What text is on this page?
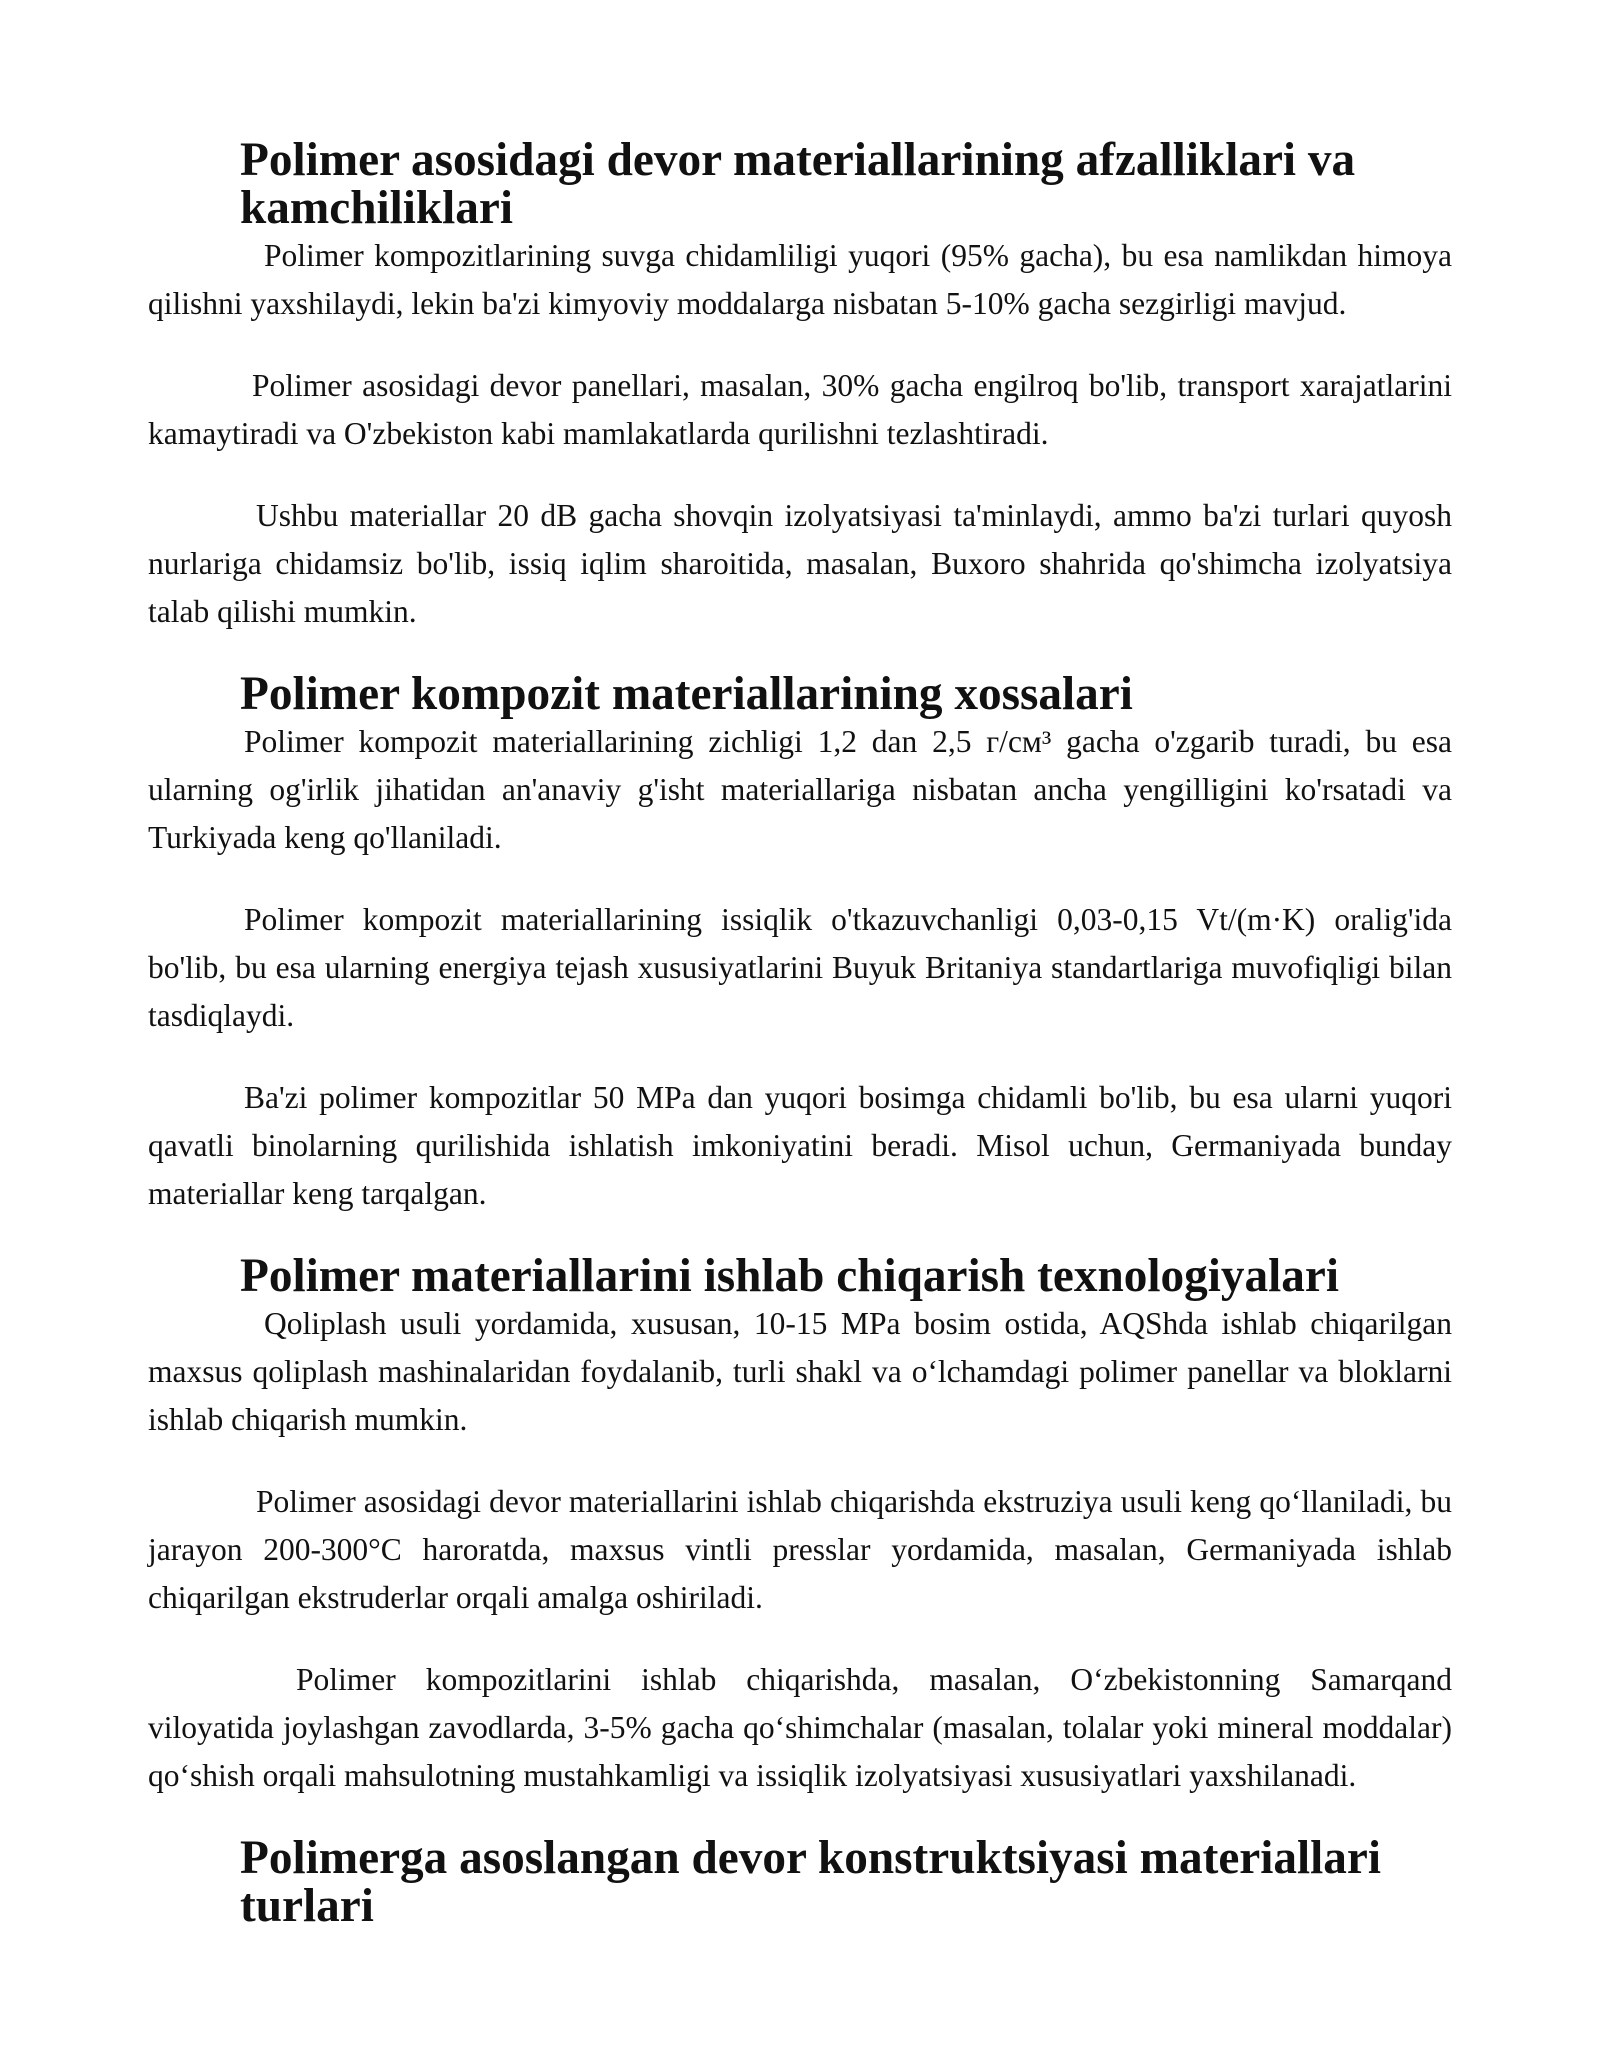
Polimer asosidagi devor materiallarining afzalliklari va kamchiliklari

Polimer kompozitlarining suvga chidamliligi yuqori (95% gacha), bu esa namlikdan himoya qilishni yaxshilaydi, lekin ba'zi kimyoviy moddalarga nisbatan 5-10% gacha sezgirligi mavjud.

Polimer asosidagi devor panellari, masalan, 30% gacha engilroq bo'lib, transport xarajatlarini kamaytiradi va O'zbekiston kabi mamlakatlarda qurilishni tezlashtiradi.

Ushbu materiallar 20 dB gacha shovqin izolyatsiyasi ta'minlaydi, ammo ba'zi turlari quyosh nurlariga chidamsiz bo'lib, issiq iqlim sharoitida, masalan, Buxoro shahrida qo'shimcha izolyatsiya talab qilishi mumkin.

Polimer kompozit materiallarining xossalari

Polimer kompozit materiallarining zichligi 1,2 dan 2,5 г/см³ gacha o'zgarib turadi, bu esa ularning og'irlik jihatidan an'anaviy g'isht materiallariga nisbatan ancha yengilligini ko'rsatadi va Turkiyada keng qo'llaniladi.

Polimer kompozit materiallarining issiqlik o'tkazuvchanligi 0,03-0,15 Vt/(m·K) oralig'ida bo'lib, bu esa ularning energiya tejash xususiyatlarini Buyuk Britaniya standartlariga muvofiqligi bilan tasdiqlaydi.

Ba'zi polimer kompozitlar 50 MPa dan yuqori bosimga chidamli bo'lib, bu esa ularni yuqori qavatli binolarning qurilishida ishlatish imkoniyatini beradi. Misol uchun, Germaniyada bunday materiallar keng tarqalgan.

Polimer materiallarini ishlab chiqarish texnologiyalari

Qoliplash usuli yordamida, xususan, 10-15 MPa bosim ostida, AQShda ishlab chiqarilgan maxsus qoliplash mashinalaridan foydalanib, turli shakl va oʻlchamdagi polimer panellar va bloklarni ishlab chiqarish mumkin.

Polimer asosidagi devor materiallarini ishlab chiqarishda ekstruziya usuli keng qoʻllaniladi, bu jarayon 200-300°C haroratda, maxsus vintli presslar yordamida, masalan, Germaniyada ishlab chiqarilgan ekstruderlar orqali amalga oshiriladi.

Polimer kompozitlarini ishlab chiqarishda, masalan, Oʻzbekistonning Samarqand viloyatida joylashgan zavodlarda, 3-5% gacha qoʻshimchalar (masalan, tolalar yoki mineral moddalar) qoʻshish orqali mahsulotning mustahkamligi va issiqlik izolyatsiyasi xususiyatlari yaxshilanadi.

Polimerga asoslangan devor konstruktsiyasi materiallari turlari
